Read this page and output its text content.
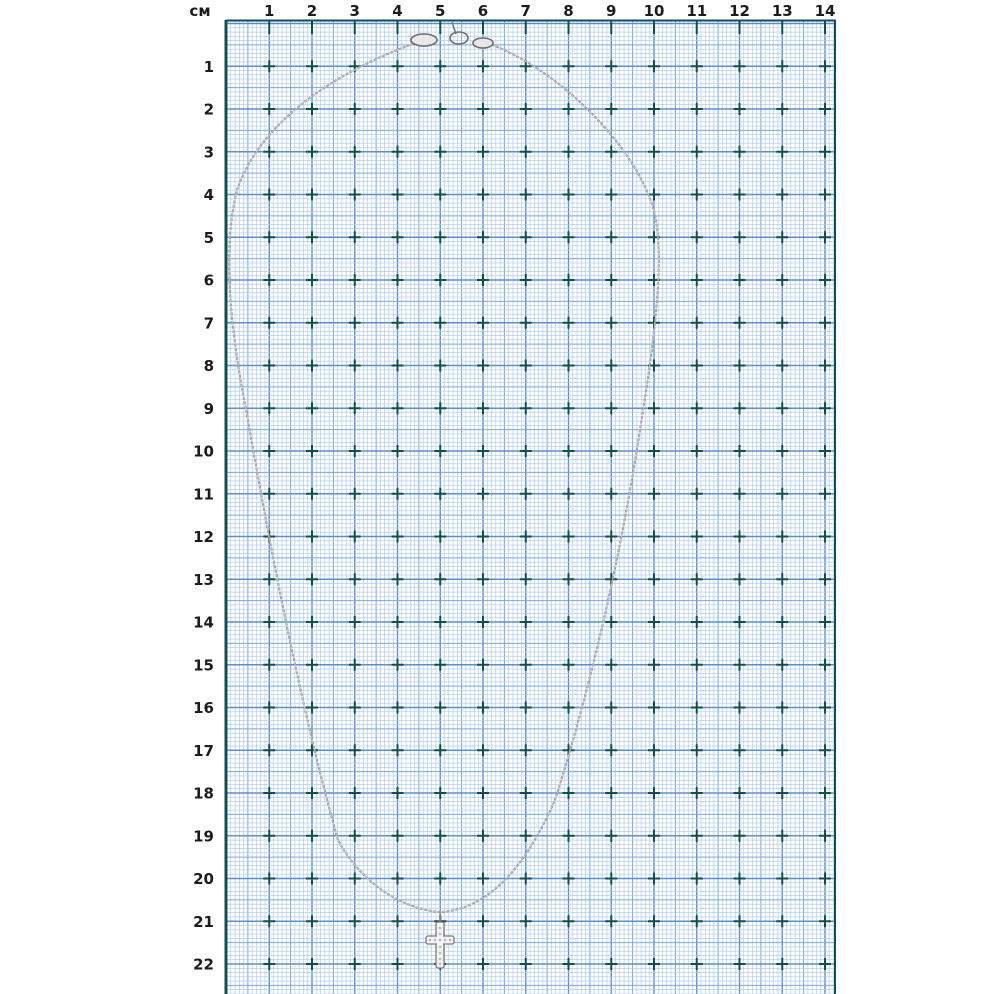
см	1 2 3 4 5 6 7 8 9 10 11 12 13 14
1
2
3
4
5
6
7
8
9
10
11
12
13
14
15
16
17
18
19
20
21
22
